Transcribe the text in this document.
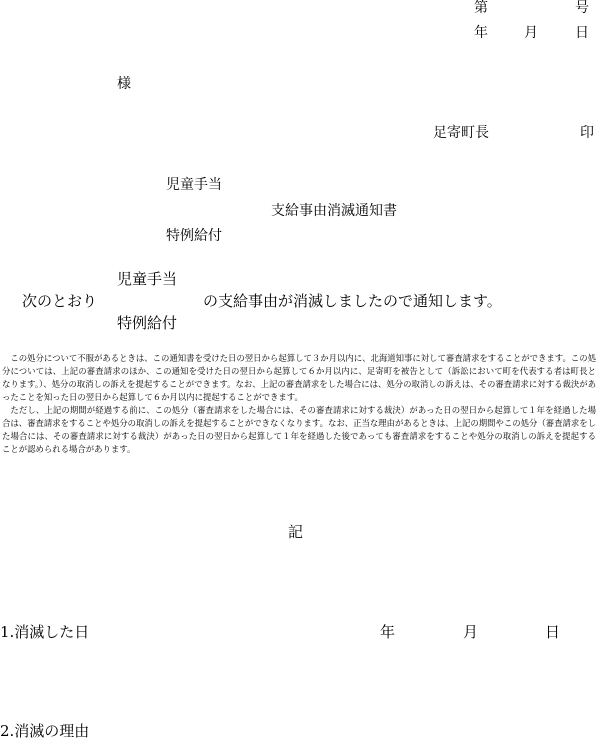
第	号
年	月	日
様
足寄町長	印
児童手当
支給事由消滅通知書
特例給付
児童手当
次のとおり	の支給事由が消滅しましたので通知します。
特例給付

この処分について不服があるときは、この通知書を受けた日の翌日から起算して３か月以内に、北海道知事に対して審査請求をすることができます。この処分については、上記の審査請求のほか、この通知を受けた日の翌日から起算して６か月以内に、足寄町を被告として（訴訟において町を代表する者は町長となります。）、処分の取消しの訴えを提起することができます。なお、上記の審査請求をした場合には、処分の取消しの訴えは、その審査請求に対する裁決があったことを知った日の翌日から起算して６か月以内に提起することができます。

ただし、上記の期間が経過する前に、この処分（審査請求をした場合には、その審査請求に対する裁決）があった日の翌日から起算して１年を経過した場合は、審査請求をすることや処分の取消しの訴えを提起することができなくなります。なお、正当な理由があるときは、上記の期間やこの処分（審査請求をした場合には、その審査請求に対する裁決）があった日の翌日から起算して１年を経過した後であっても審査請求をすることや処分の取消しの訴えを提起することが認められる場合があります。

記
1.消滅した日	年	月	日
2.消滅の理由
